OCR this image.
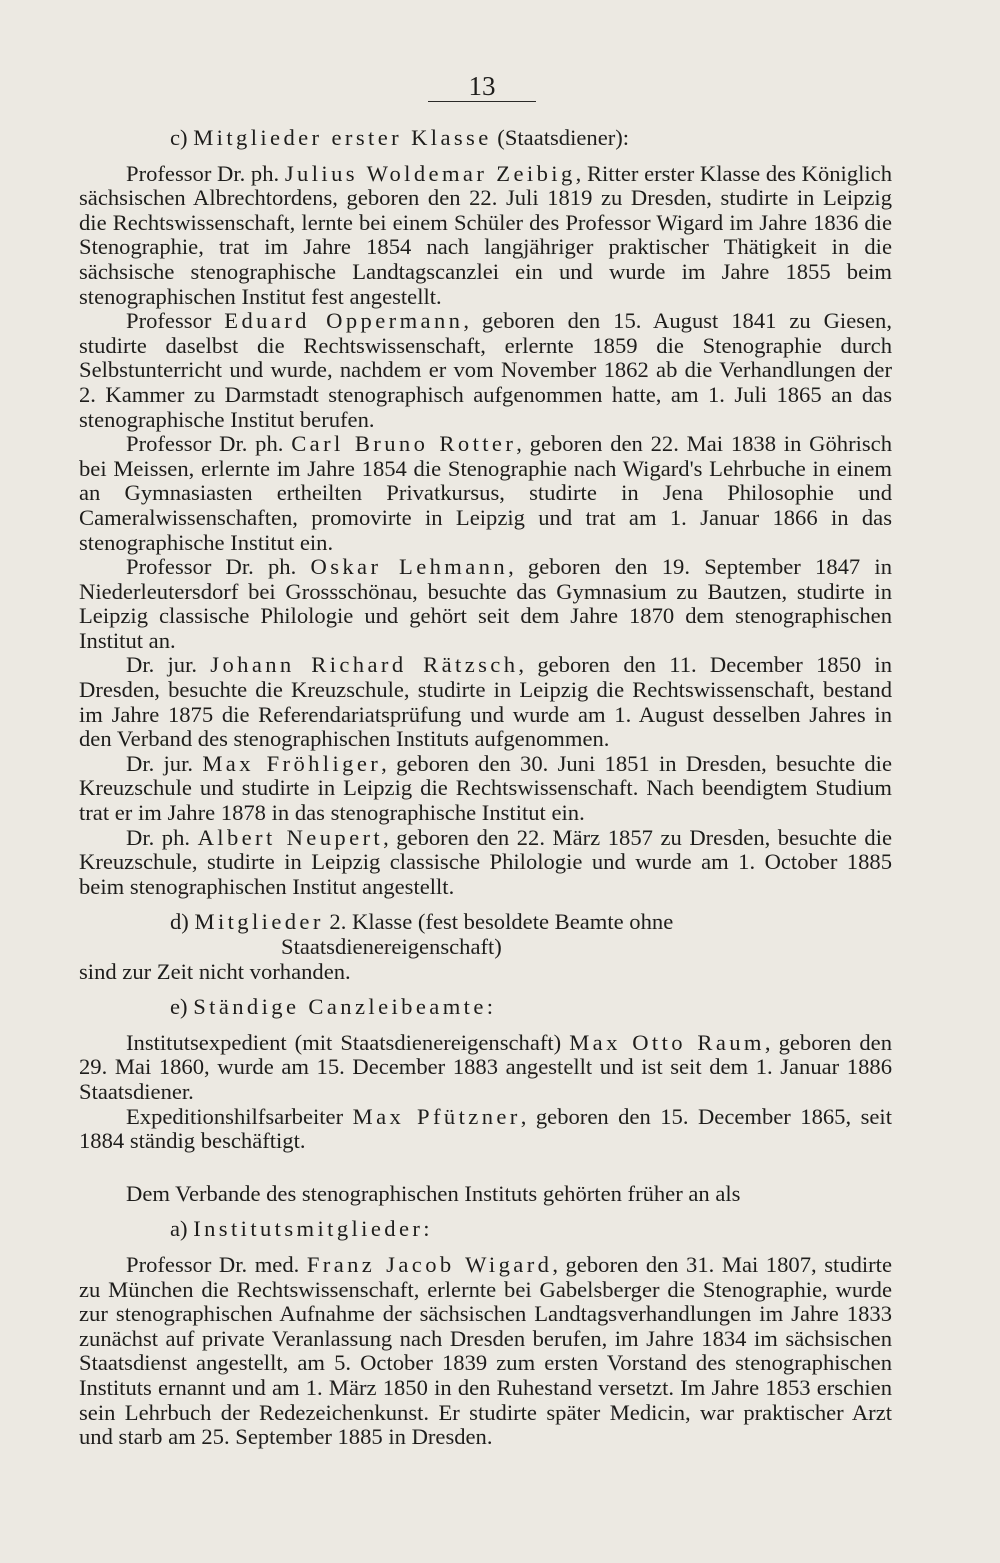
13

c) Mitglieder erster Klasse (Staatsdiener):

Professor Dr. ph. Julius Woldemar Zeibig, Ritter erster Klasse des Königlich sächsischen Albrechtordens, geboren den 22. Juli 1819 zu Dresden, studirte in Leipzig die Rechtswissenschaft, lernte bei einem Schüler des Professor Wigard im Jahre 1836 die Stenographie, trat im Jahre 1854 nach langjähriger praktischer Thätigkeit in die sächsische stenographische Landtagscanzlei ein und wurde im Jahre 1855 beim stenographischen Institut fest angestellt.

Professor Eduard Oppermann, geboren den 15. August 1841 zu Giesen, studirte daselbst die Rechtswissenschaft, erlernte 1859 die Stenographie durch Selbstunterricht und wurde, nachdem er vom November 1862 ab die Verhandlungen der 2. Kammer zu Darmstadt stenographisch aufgenommen hatte, am 1. Juli 1865 an das stenographische Institut berufen.

Professor Dr. ph. Carl Bruno Rotter, geboren den 22. Mai 1838 in Göhrisch bei Meissen, erlernte im Jahre 1854 die Stenographie nach Wigard's Lehrbuche in einem an Gymnasiasten ertheilten Privatkursus, studirte in Jena Philosophie und Cameralwissenschaften, promovirte in Leipzig und trat am 1. Januar 1866 in das stenographische Institut ein.

Professor Dr. ph. Oskar Lehmann, geboren den 19. September 1847 in Niederleutersdorf bei Grossschönau, besuchte das Gymnasium zu Bautzen, studirte in Leipzig classische Philologie und gehört seit dem Jahre 1870 dem stenographischen Institut an.

Dr. jur. Johann Richard Rätzsch, geboren den 11. December 1850 in Dresden, besuchte die Kreuzschule, studirte in Leipzig die Rechtswissenschaft, bestand im Jahre 1875 die Referendariatsprüfung und wurde am 1. August desselben Jahres in den Verband des stenographischen Instituts aufgenommen.

Dr. jur. Max Fröhliger, geboren den 30. Juni 1851 in Dresden, besuchte die Kreuzschule und studirte in Leipzig die Rechtswissenschaft. Nach beendigtem Studium trat er im Jahre 1878 in das stenographische Institut ein.

Dr. ph. Albert Neupert, geboren den 22. März 1857 zu Dresden, besuchte die Kreuzschule, studirte in Leipzig classische Philologie und wurde am 1. October 1885 beim stenographischen Institut angestellt.

d) Mitglieder 2. Klasse (fest besoldete Beamte ohne Staatsdienereigenschaft)

sind zur Zeit nicht vorhanden.

e) Ständige Canzleibeamte:

Institutsexpedient (mit Staatsdienereigenschaft) Max Otto Raum, geboren den 29. Mai 1860, wurde am 15. December 1883 angestellt und ist seit dem 1. Januar 1886 Staatsdiener.

Expeditionshilfsarbeiter Max Pfützner, geboren den 15. December 1865, seit 1884 ständig beschäftigt.

Dem Verbande des stenographischen Instituts gehörten früher an als

a) Institutsmitglieder:

Professor Dr. med. Franz Jacob Wigard, geboren den 31. Mai 1807, studirte zu München die Rechtswissenschaft, erlernte bei Gabelsberger die Stenographie, wurde zur stenographischen Aufnahme der sächsischen Landtagsverhandlungen im Jahre 1833 zunächst auf private Veranlassung nach Dresden berufen, im Jahre 1834 im sächsischen Staatsdienst angestellt, am 5. October 1839 zum ersten Vorstand des stenographischen Instituts ernannt und am 1. März 1850 in den Ruhestand versetzt. Im Jahre 1853 erschien sein Lehrbuch der Redezeichenkunst. Er studirte später Medicin, war praktischer Arzt und starb am 25. September 1885 in Dresden.
